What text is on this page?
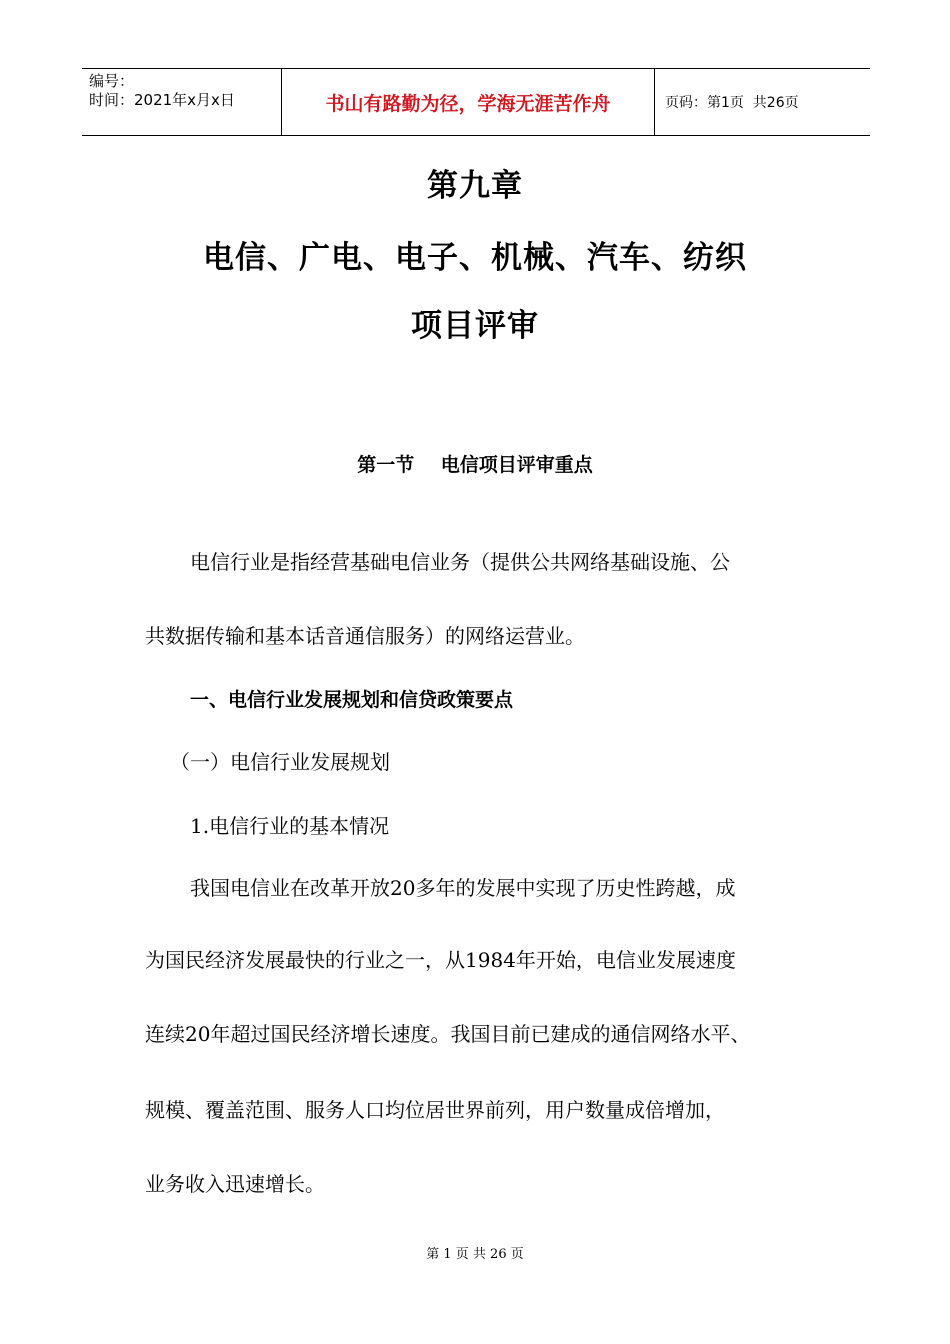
编号：
时间：2021年x月x日	书山有路勤为径，学海无涯苦作舟	页码：第1页  共26页
第九章
电信、广电、电子、机械、汽车、纺织
项目评审
第一节    电信项目评审重点
电信行业是指经营基础电信业务（提供公共网络基础设施、公
共数据传输和基本话音通信服务）的网络运营业。
一、电信行业发展规划和信贷政策要点
（一）电信行业发展规划
1.电信行业的基本情况
我国电信业在改革开放20多年的发展中实现了历史性跨越，成
为国民经济发展最快的行业之一，从1984年开始，电信业发展速度
连续20年超过国民经济增长速度。我国目前已建成的通信网络水平、
规模、覆盖范围、服务人口均位居世界前列，用户数量成倍增加，
业务收入迅速增长。
第 1 页 共 26 页
